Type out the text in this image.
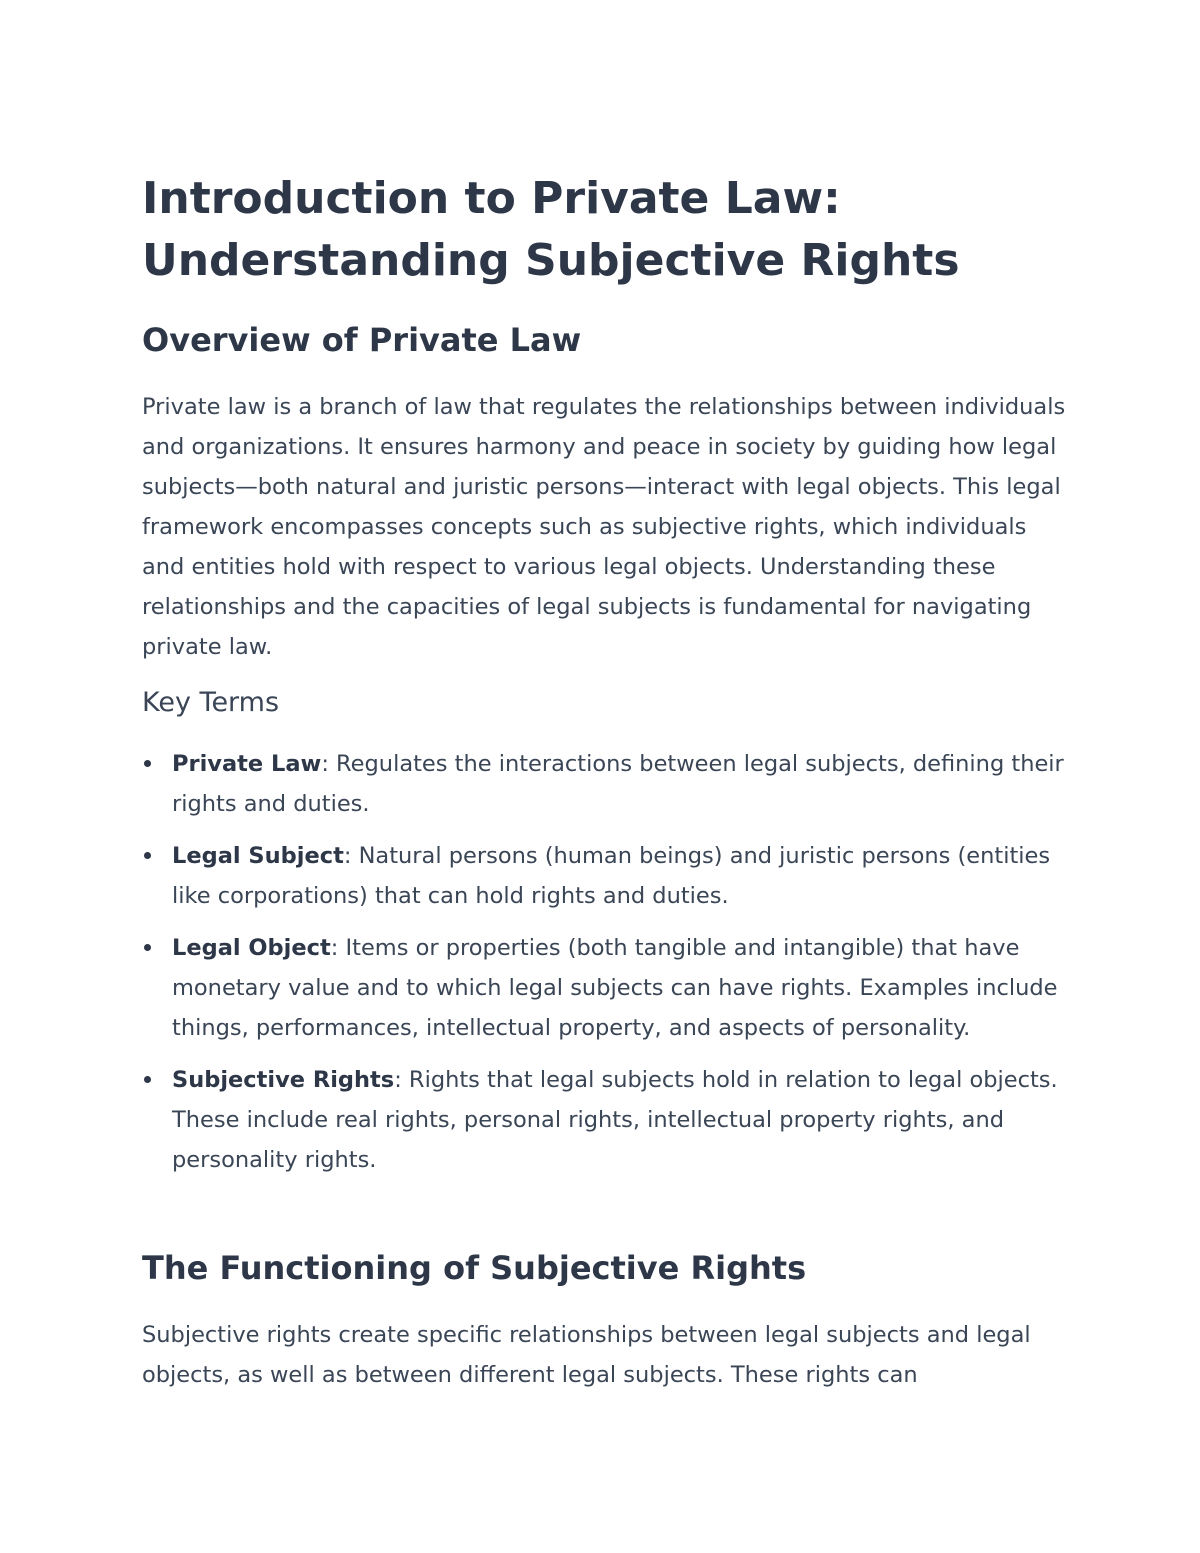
Introduction to Private Law: Understanding Subjective Rights
Overview of Private Law

Private law is a branch of law that regulates the relationships between individuals and organizations. It ensures harmony and peace in society by guiding how legal subjects—both natural and juristic persons—interact with legal objects. This legal framework encompasses concepts such as subjective rights, which individuals and entities hold with respect to various legal objects. Understanding these relationships and the capacities of legal subjects is fundamental for navigating private law.

Key Terms
Private Law: Regulates the interactions between legal subjects, defining their rights and duties.
Legal Subject: Natural persons (human beings) and juristic persons (entities like corporations) that can hold rights and duties.
Legal Object: Items or properties (both tangible and intangible) that have monetary value and to which legal subjects can have rights. Examples include things, performances, intellectual property, and aspects of personality.
Subjective Rights: Rights that legal subjects hold in relation to legal objects. These include real rights, personal rights, intellectual property rights, and personality rights.
The Functioning of Subjective Rights

Subjective rights create specific relationships between legal subjects and legal objects, as well as between different legal subjects. These rights can
